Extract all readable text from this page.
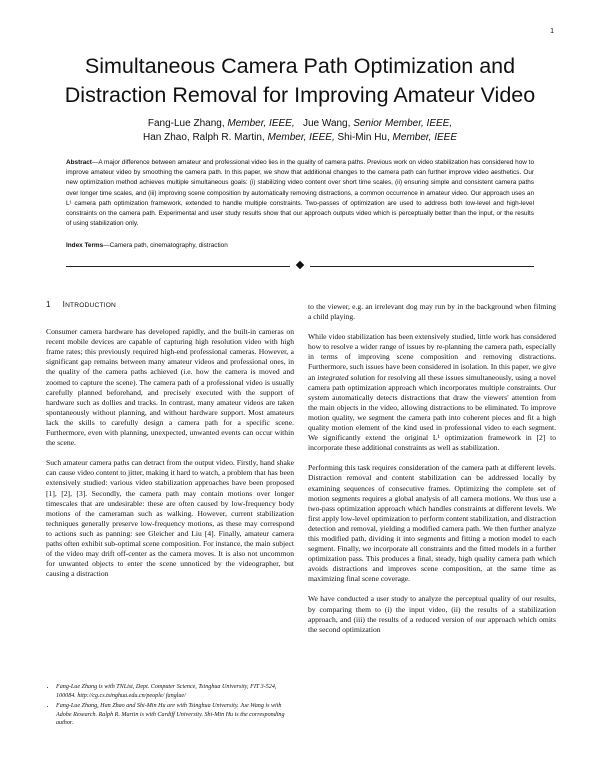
1
Simultaneous Camera Path Optimization and
Distraction Removal for Improving Amateur Video
Fang-Lue Zhang, Member, IEEE, Jue Wang, Senior Member, IEEE,
Han Zhao, Ralph R. Martin, Member, IEEE, Shi-Min Hu, Member, IEEE
Abstract—A major difference between amateur and professional video lies in the quality of camera paths. Previous work on video stabilization has considered how to improve amateur video by smoothing the camera path. In this paper, we show that additional changes to the camera path can further improve video aesthetics. Our new optimization method achieves multiple simultaneous goals: (i) stabilizing video content over short time scales, (ii) ensuring simple and consistent camera paths over longer time scales, and (iii) improving scene composition by automatically removing distractions, a common occurrence in amateur video. Our approach uses an L¹ camera path optimization framework, extended to handle multiple constraints. Two-passes of optimization are used to address both low-level and high-level constraints on the camera path. Experimental and user study results show that our approach outputs video which is perceptually better than the input, or the results of using stabilization only.
Index Terms—Camera path, cinematography, distraction
1 INTRODUCTION

Consumer camera hardware has developed rapidly, and the built-in cameras on recent mobile devices are capable of capturing high resolution video with high frame rates; this previously required high-end professional cameras. However, a significant gap remains between many amateur videos and professional ones, in the quality of the camera paths achieved (i.e. how the camera is moved and zoomed to capture the scene). The camera path of a professional video is usually carefully planned beforehand, and precisely executed with the support of hardware such as dollies and tracks. In contrast, many amateur videos are taken spontaneously without planning, and without hardware support. Most amateurs lack the skills to carefully design a camera path for a specific scene. Furthermore, even with planning, unexpected, unwanted events can occur within the scene.

Such amateur camera paths can detract from the output video. Firstly, hand shake can cause video content to jitter, making it hard to watch, a problem that has been extensively studied: various video stabilization approaches have been proposed [1], [2], [3]. Secondly, the camera path may contain motions over longer timescales that are undesirable: these are often caused by low-frequency body motions of the cameraman such as walking. However, current stabilization techniques generally preserve low-frequency motions, as these may correspond to actions such as panning: see Gleicher and Liu [4]. Finally, amateur camera paths often exhibit sub-optimal scene composition. For instance, the main subject of the video may drift off-center as the camera moves. It is also not uncommon for unwanted objects to enter the scene unnoticed by the videographer, but causing a distraction

• Fang-Lue Zhang is with TNList, Dept. Computer Science, Tsinghua University, FIT 3-524, 100084. http://cg.cs.tsinghua.edu.cn/people/ fanglue/
• Fang-Lue Zhang, Han Zhao and Shi-Min Hu are with Tsinghua University. Jue Wang is with Adobe Research. Ralph R. Martin is with Cardiff University. Shi-Min Hu is the corresponding author.

to the viewer, e.g. an irrelevant dog may run by in the background when filming a child playing.

While video stabilization has been extensively studied, little work has considered how to resolve a wider range of issues by re-planning the camera path, especially in terms of improving scene composition and removing distractions. Furthermore, such issues have been considered in isolation. In this paper, we give an integrated solution for resolving all these issues simultaneously, using a novel camera path optimization approach which incorporates multiple constraints. Our system automatically detects distractions that draw the viewers' attention from the main objects in the video, allowing distractions to be eliminated. To improve motion quality, we segment the camera path into coherent pieces and fit a high quality motion element of the kind used in professional video to each segment. We significantly extend the original L¹ optimization framework in [2] to incorporate these additional constraints as well as stabilization.

Performing this task requires consideration of the camera path at different levels. Distraction removal and content stabilization can be addressed locally by examining sequences of consecutive frames. Optimizing the complete set of motion segments requires a global analysis of all camera motions. We thus use a two-pass optimization approach which handles constraints at different levels. We first apply low-level optimization to perform content stabilization, and distraction detection and removal, yielding a modified camera path. We then further analyze this modified path, dividing it into segments and fitting a motion model to each segment. Finally, we incorporate all constraints and the fitted models in a further optimization pass. This produces a final, steady, high quality camera path which avoids distractions and improves scene composition, at the same time as maximizing final scene coverage.

We have conducted a user study to analyze the perceptual quality of our results, by comparing them to (i) the input video, (ii) the results of a stabilization approach, and (iii) the results of a reduced version of our approach which omits the second optimization
